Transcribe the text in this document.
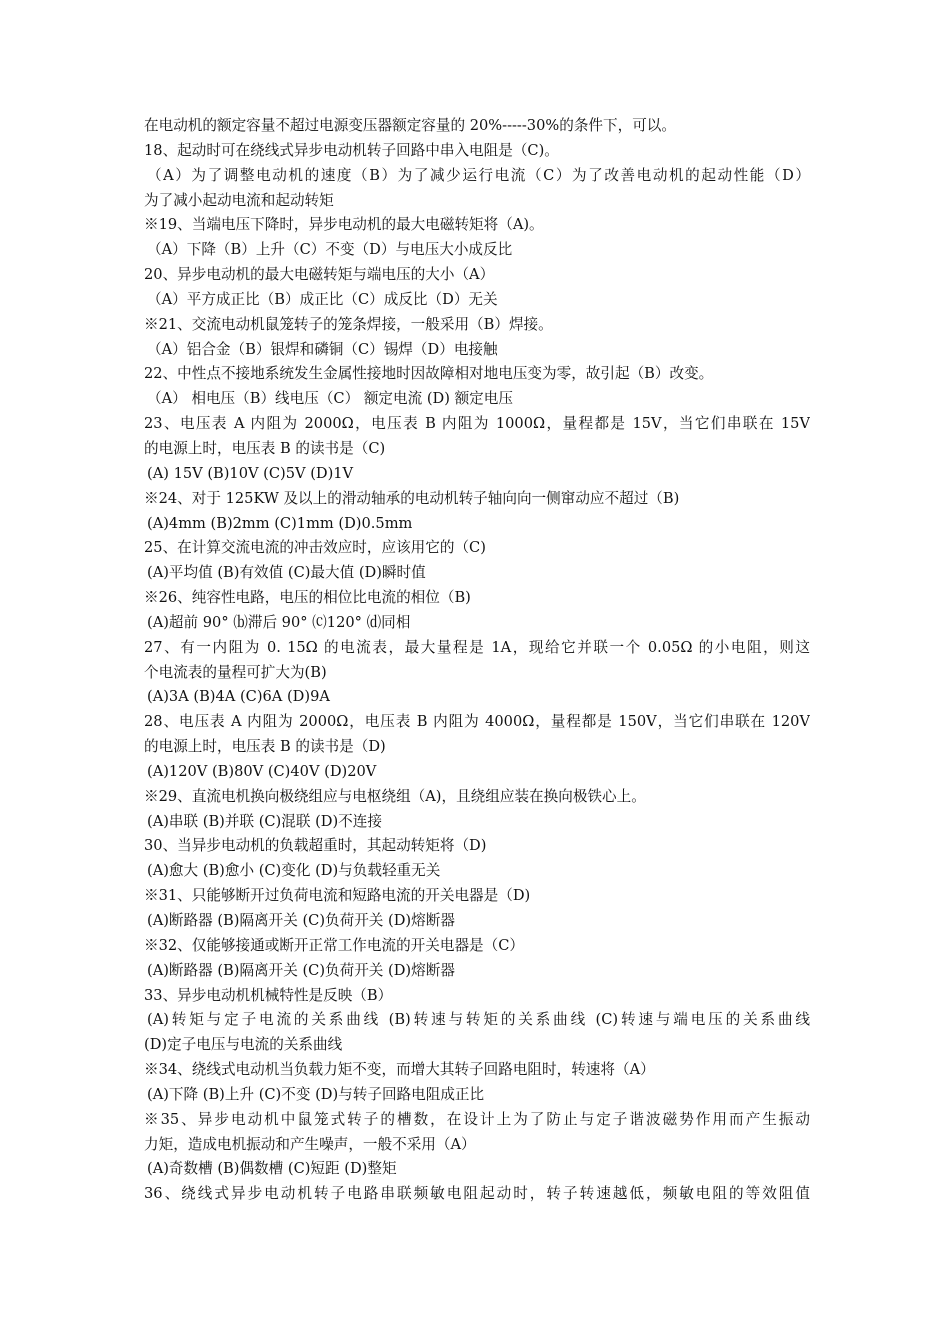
在电动机的额定容量不超过电源变压器额定容量的 20%-----30%的条件下，可以。
18、起动时可在绕线式异步电动机转子回路中串入电阻是（C)。
（A）为了调整电动机的速度（B）为了减少运行电流（C）为了改善电动机的起动性能（D）
为了减小起动电流和起动转矩
※19、当端电压下降时，异步电动机的最大电磁转矩将（A)。
（A）下降（B）上升（C）不变（D）与电压大小成反比
20、异步电动机的最大电磁转矩与端电压的大小（A）
（A）平方成正比（B）成正比（C）成反比（D）无关
※21、交流电动机鼠笼转子的笼条焊接，一般采用（B）焊接。
（A）铝合金（B）银焊和磷铜（C）锡焊（D）电接触
22、中性点不接地系统发生金属性接地时因故障相对地电压变为零，故引起（B）改变。
（A） 相电压（B）线电压（C） 额定电流 (D) 额定电压
23、电压表 A 内阻为 2000Ω，电压表 B 内阻为 1000Ω，量程都是 15V，当它们串联在 15V
的电源上时，电压表 B 的读书是（C)
(A) 15V (B)10V (C)5V (D)1V
※24、对于 125KW 及以上的滑动轴承的电动机转子轴向向一侧窜动应不超过（B)
(A)4mm (B)2mm (C)1mm (D)0.5mm
25、在计算交流电流的冲击效应时，应该用它的（C)
(A)平均值 (B)有效值 (C)最大值 (D)瞬时值
※26、纯容性电路，电压的相位比电流的相位（B)
(A)超前 90° ⒝滞后 90° ⒞120° ⒟同相
27、有一内阻为 0. 15Ω 的电流表，最大量程是 1A，现给它并联一个 0.05Ω 的小电阻，则这
个电流表的量程可扩大为(B)
(A)3A (B)4A (C)6A (D)9A
28、电压表 A 内阻为 2000Ω，电压表 B 内阻为 4000Ω，量程都是 150V，当它们串联在 120V
的电源上时，电压表 B 的读书是（D)
(A)120V (B)80V (C)40V (D)20V
※29、直流电机换向极绕组应与电枢绕组（A)，且绕组应装在换向极铁心上。
(A)串联 (B)并联 (C)混联 (D)不连接
30、当异步电动机的负载超重时，其起动转矩将（D)
(A)愈大 (B)愈小 (C)变化 (D)与负载轻重无关
※31、只能够断开过负荷电流和短路电流的开关电器是（D)
(A)断路器 (B)隔离开关 (C)负荷开关 (D)熔断器
※32、仅能够接通或断开正常工作电流的开关电器是（C）
(A)断路器 (B)隔离开关 (C)负荷开关 (D)熔断器
33、异步电动机机械特性是反映（B）
(A)转矩与定子电流的关系曲线 (B)转速与转矩的关系曲线 (C)转速与端电压的关系曲线
(D)定子电压与电流的关系曲线
※34、绕线式电动机当负载力矩不变，而增大其转子回路电阻时，转速将（A）
(A)下降 (B)上升 (C)不变 (D)与转子回路电阻成正比
※35、异步电动机中鼠笼式转子的槽数，在设计上为了防止与定子谐波磁势作用而产生振动
力矩，造成电机振动和产生噪声，一般不采用（A）
(A)奇数槽 (B)偶数槽 (C)短距 (D)整矩
36、绕线式异步电动机转子电路串联频敏电阻起动时，转子转速越低，频敏电阻的等效阻值
